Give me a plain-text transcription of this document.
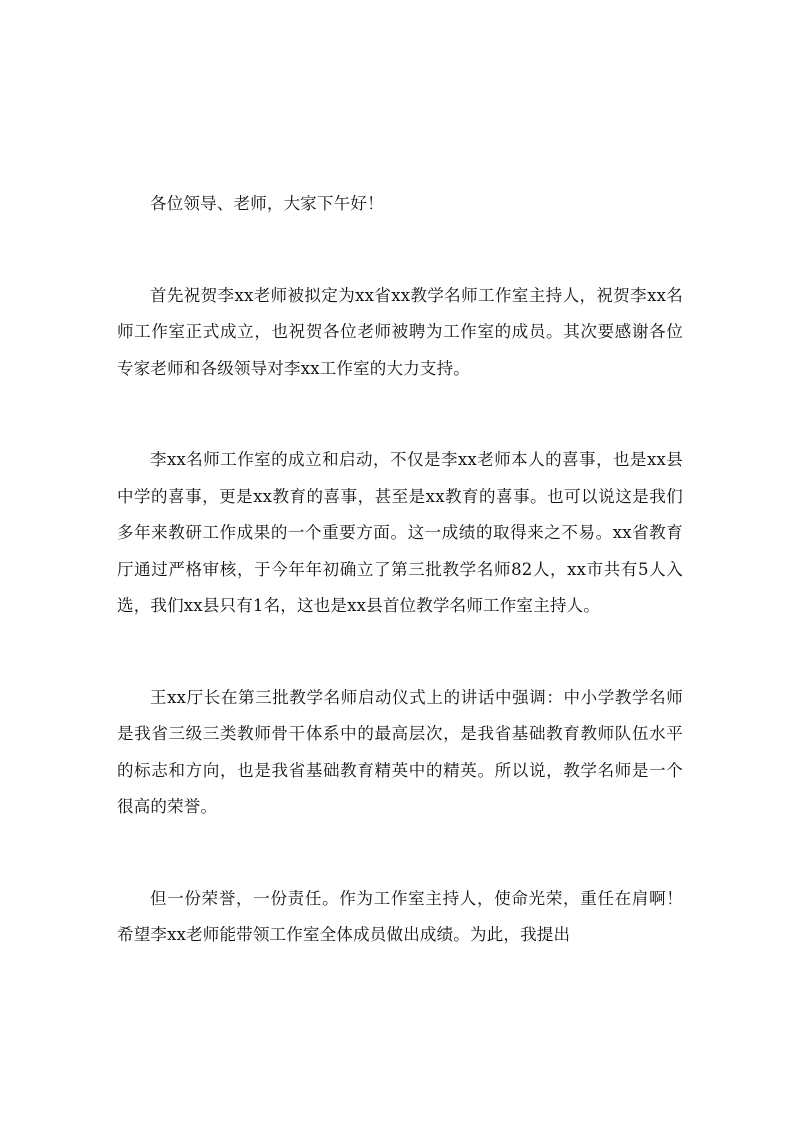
各位领导、老师，大家下午好！

首先祝贺李xx老师被拟定为xx省xx教学名师工作室主持人，祝贺李xx名师工作室正式成立，也祝贺各位老师被聘为工作室的成员。其次要感谢各位专家老师和各级领导对李xx工作室的大力支持。

李xx名师工作室的成立和启动，不仅是李xx老师本人的喜事，也是xx县中学的喜事，更是xx教育的喜事，甚至是xx教育的喜事。也可以说这是我们多年来教研工作成果的一个重要方面。这一成绩的取得来之不易。xx省教育厅通过严格审核，于今年年初确立了第三批教学名师82人，xx市共有5人入选，我们xx县只有1名，这也是xx县首位教学名师工作室主持人。

王xx厅长在第三批教学名师启动仪式上的讲话中强调：中小学教学名师是我省三级三类教师骨干体系中的最高层次，是我省基础教育教师队伍水平的标志和方向，也是我省基础教育精英中的精英。所以说，教学名师是一个很高的荣誉。

但一份荣誉，一份责任。作为工作室主持人，使命光荣，重任在肩啊！希望李xx老师能带领工作室全体成员做出成绩。为此，我提出
